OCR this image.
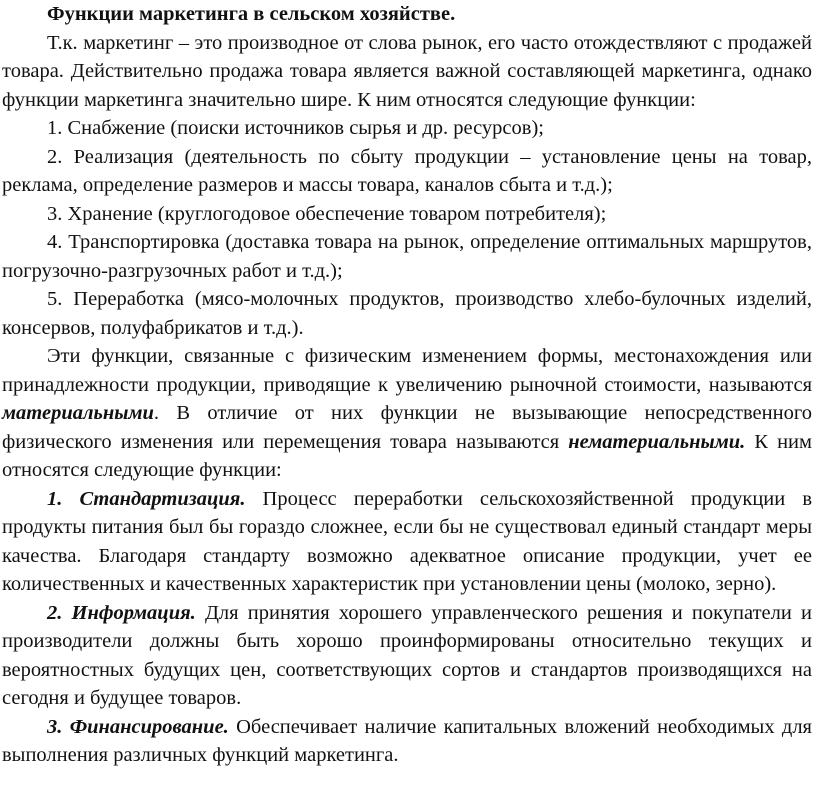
Функции маркетинга в сельском хозяйстве.

Т.к. маркетинг – это производное от слова рынок, его часто отождествляют с продажей товара. Действительно продажа товара является важной составляющей маркетинга, однако функции маркетинга значительно шире. К ним относятся следующие функции:

1. Снабжение (поиски источников сырья и др. ресурсов);

2. Реализация (деятельность по сбыту продукции – установление цены на товар, реклама, определение размеров и массы товара, каналов сбыта и т.д.);

3. Хранение (круглогодовое обеспечение товаром потребителя);

4. Транспортировка (доставка товара на рынок, определение оптимальных маршрутов, погрузочно-разгрузочных работ и т.д.);

5. Переработка (мясо-молочных продуктов, производство хлебо-булочных изделий, консервов, полуфабрикатов и т.д.).

Эти функции, связанные с физическим изменением формы, местонахождения или принадлежности продукции, приводящие к увеличению рыночной стоимости, называются материальными. В отличие от них функции не вызывающие непосредственного физического изменения или перемещения товара называются нематериальными. К ним относятся следующие функции:

1. Стандартизация. Процесс переработки сельскохозяйственной продукции в продукты питания был бы гораздо сложнее, если бы не существовал единый стандарт меры качества. Благодаря стандарту возможно адекватное описание продукции, учет ее количественных и качественных характеристик при установлении цены (молоко, зерно).

2. Информация. Для принятия хорошего управленческого решения и покупатели и производители должны быть хорошо проинформированы относительно текущих и вероятностных будущих цен, соответствующих сортов и стандартов производящихся на сегодня и будущее товаров.

3. Финансирование. Обеспечивает наличие капитальных вложений необходимых для выполнения различных функций маркетинга.
